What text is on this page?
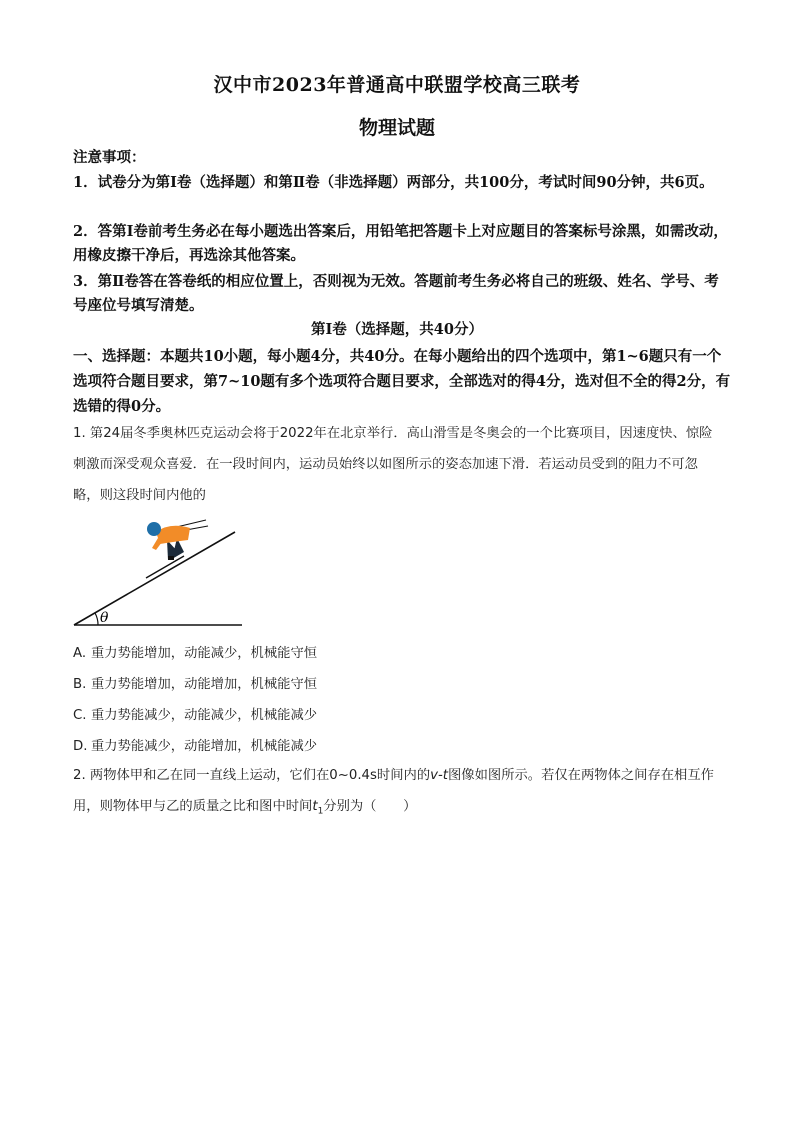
汉中市2023年普通高中联盟学校高三联考
物理试题
注意事项：
1．试卷分为第Ⅰ卷（选择题）和第Ⅱ卷（非选择题）两部分，共100分，考试时间90分钟，共6页。
2．答第Ⅰ卷前考生务必在每小题选出答案后，用铅笔把答题卡上对应题目的答案标号涂黑，如需改动，用橡皮擦干净后，再选涂其他答案。
3．第Ⅱ卷答在答卷纸的相应位置上，否则视为无效。答题前考生务必将自己的班级、姓名、学号、考号座位号填写清楚。
第Ⅰ卷（选择题，共40分）
一、选择题：本题共10小题，每小题4分，共40分。在每小题给出的四个选项中，第1~6题只有一个选项符合题目要求，第7~10题有多个选项符合题目要求，全部选对的得4分，选对但不全的得2分，有选错的得0分。
1. 第24届冬季奥林匹克运动会将于2022年在北京举行．高山滑雪是冬奥会的一个比赛项目，因速度快、惊险刺激而深受观众喜爱．在一段时间内，运动员始终以如图所示的姿态加速下滑．若运动员受到的阻力不可忽略，则这段时间内他的
θ
A. 重力势能增加，动能减少，机械能守恒
B. 重力势能增加，动能增加，机械能守恒
C. 重力势能减少，动能减少，机械能减少
D. 重力势能减少，动能增加，机械能减少
2. 两物体甲和乙在同一直线上运动，它们在0~0.4s时间内的v-t图像如图所示。若仅在两物体之间存在相互作用，则物体甲与乙的质量之比和图中时间$t_1$分别为（　　）
